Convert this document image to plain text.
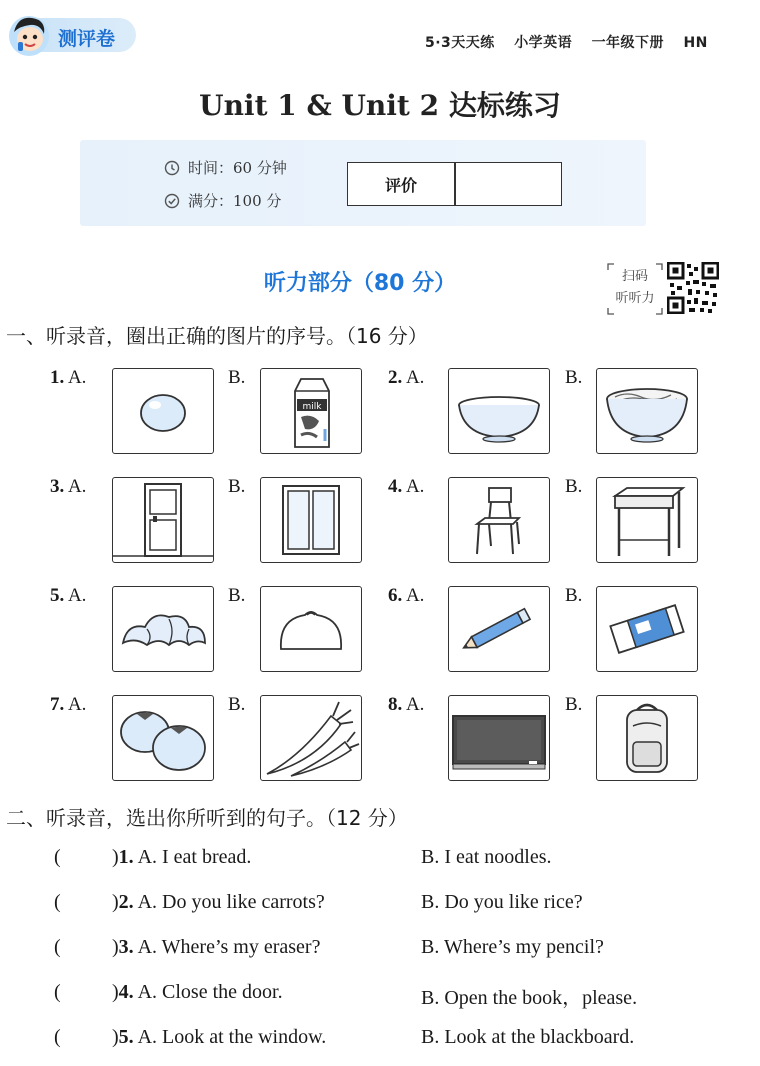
测评卷	5·3天天练 小学英语 一年级下册 HN
Unit 1 & Unit 2 达标练习
时间：60 分钟
满分：100 分
评价
听力部分（80 分）	扫码
听听力
一、听录音，圈出正确的图片的序号。（16 分）
1. A.	B.
milk
2. A.	B.
3. A.	B.	4. A.	B.
5. A.	B.	6. A.	B.
7. A.	B.	8. A.	B.
二、听录音，选出你所听到的句子。（12 分）
(	)1. A. I eat bread.	B. I eat noodles.
(	)2. A. Do you like carrots?	B. Do you like rice?
(	)3. A. Where’s my eraser?	B. Where’s my pencil?
(	)4. A. Close the door.	B. Open the book，please.
(	)5. A. Look at the window.	B. Look at the blackboard.
